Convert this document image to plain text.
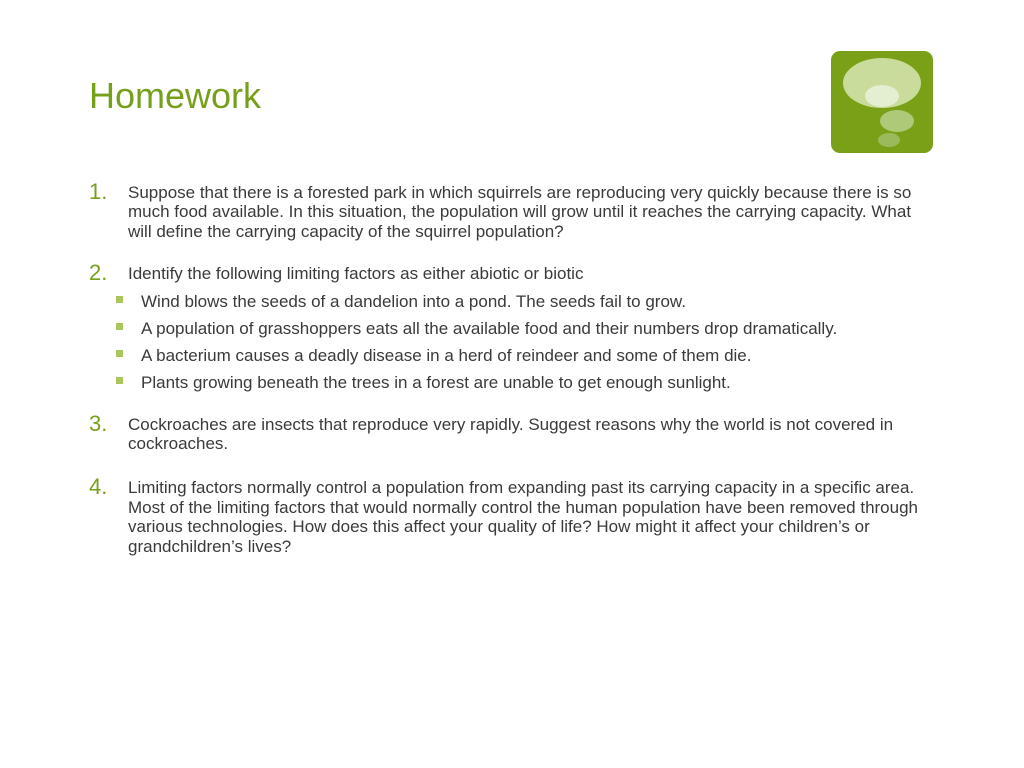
Homework
1. Suppose that there is a forested park in which squirrels are reproducing very quickly because there is so much food available. In this situation, the population will grow until it reaches the carrying capacity. What will define the carrying capacity of the squirrel population?
2. Identify the following limiting factors as either abiotic or biotic
Wind blows the seeds of a dandelion into a pond. The seeds fail to grow.
A population of grasshoppers eats all the available food and their numbers drop dramatically.
A bacterium causes a deadly disease in a herd of reindeer and some of them die.
Plants growing beneath the trees in a forest are unable to get enough sunlight.
3. Cockroaches are insects that reproduce very rapidly. Suggest reasons why the world is not covered in cockroaches.
4. Limiting factors normally control a population from expanding past its carrying capacity in a specific area. Most of the limiting factors that would normally control the human population have been removed through various technologies. How does this affect your quality of life? How might it affect your children’s or grandchildren’s lives?
